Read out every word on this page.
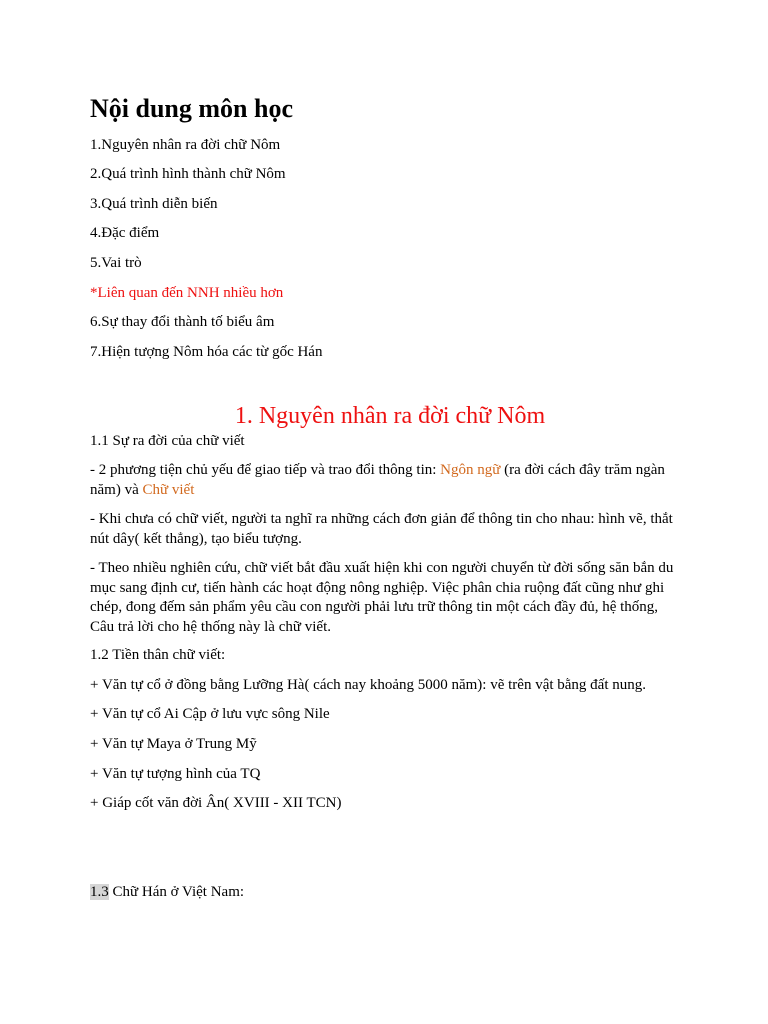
Nội dung môn học
1.Nguyên nhân ra đời chữ Nôm
2.Quá trình hình thành chữ Nôm
3.Quá trình diễn biến
4.Đặc điểm
5.Vai trò
*Liên quan đến NNH nhiều hơn
6.Sự thay đổi thành tố biểu âm
7.Hiện tượng Nôm hóa các từ gốc Hán
1. Nguyên nhân ra đời chữ Nôm
1.1 Sự ra đời của chữ viết
- 2 phương tiện chủ yếu để giao tiếp và trao đổi thông tin: Ngôn ngữ (ra đời cách đây trăm ngàn năm) và Chữ viết
- Khi chưa có chữ viết, người ta nghĩ ra những cách đơn giản để thông tin cho nhau: hình vẽ, thắt nút dây( kết thẳng), tạo biểu tượng.
- Theo nhiều nghiên cứu, chữ viết bắt đầu xuất hiện khi con người chuyển từ đời sống săn bắn du mục sang định cư, tiến hành các hoạt động nông nghiệp. Việc phân chia ruộng đất cũng như ghi chép, đong đếm sản phẩm yêu cầu con người phải lưu trữ thông tin một cách đầy đủ, hệ thống, Câu trả lời cho hệ thống này là chữ viết.
1.2 Tiền thân chữ viết:
+ Văn tự cổ ở đồng bằng Lưỡng Hà( cách nay khoảng 5000 năm): vẽ trên vật bằng đất nung.
+ Văn tự cổ Ai Cập ở lưu vực sông Nile
+ Văn tự Maya ở Trung Mỹ
+ Văn tự tượng hình của TQ
+ Giáp cốt văn đời Ân( XVIII - XII TCN)
1.3 Chữ Hán ở Việt Nam:
